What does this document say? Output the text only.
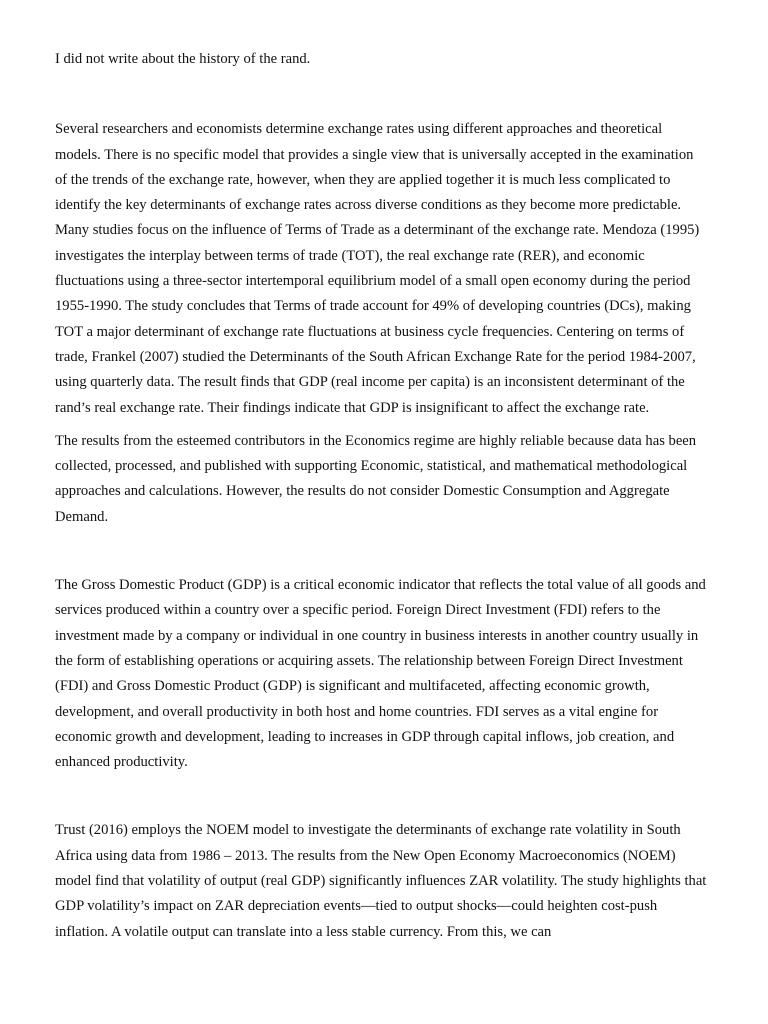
I did not write about the history of the rand.

Several researchers and economists determine exchange rates using different approaches and theoretical models. There is no specific model that provides a single view that is universally accepted in the examination of the trends of the exchange rate, however, when they are applied together it is much less complicated to identify the key determinants of exchange rates across diverse conditions as they become more predictable. Many studies focus on the influence of Terms of Trade as a determinant of the exchange rate. Mendoza (1995) investigates the interplay between terms of trade (TOT), the real exchange rate (RER), and economic fluctuations using a three-sector intertemporal equilibrium model of a small open economy during the period 1955-1990. The study concludes that Terms of trade account for 49% of developing countries (DCs), making TOT a major determinant of exchange rate fluctuations at business cycle frequencies. Centering on terms of trade, Frankel (2007) studied the Determinants of the South African Exchange Rate for the period 1984-2007, using quarterly data. The result finds that GDP (real income per capita) is an inconsistent determinant of the rand’s real exchange rate. Their findings indicate that GDP is insignificant to affect the exchange rate.

The results from the esteemed contributors in the Economics regime are highly reliable because data has been collected, processed, and published with supporting Economic, statistical, and mathematical methodological approaches and calculations. However, the results do not consider Domestic Consumption and Aggregate Demand.

The Gross Domestic Product (GDP) is a critical economic indicator that reflects the total value of all goods and services produced within a country over a specific period. Foreign Direct Investment (FDI) refers to the investment made by a company or individual in one country in business interests in another country usually in the form of establishing operations or acquiring assets. The relationship between Foreign Direct Investment (FDI) and Gross Domestic Product (GDP) is significant and multifaceted, affecting economic growth, development, and overall productivity in both host and home countries. FDI serves as a vital engine for economic growth and development, leading to increases in GDP through capital inflows, job creation, and enhanced productivity.

Trust (2016) employs the NOEM model to investigate the determinants of exchange rate volatility in South Africa using data from 1986 – 2013. The results from the New Open Economy Macroeconomics (NOEM) model find that volatility of output (real GDP) significantly influences ZAR volatility. The study highlights that GDP volatility’s impact on ZAR depreciation events—tied to output shocks—could heighten cost-push inflation. A volatile output can translate into a less stable currency. From this, we can
